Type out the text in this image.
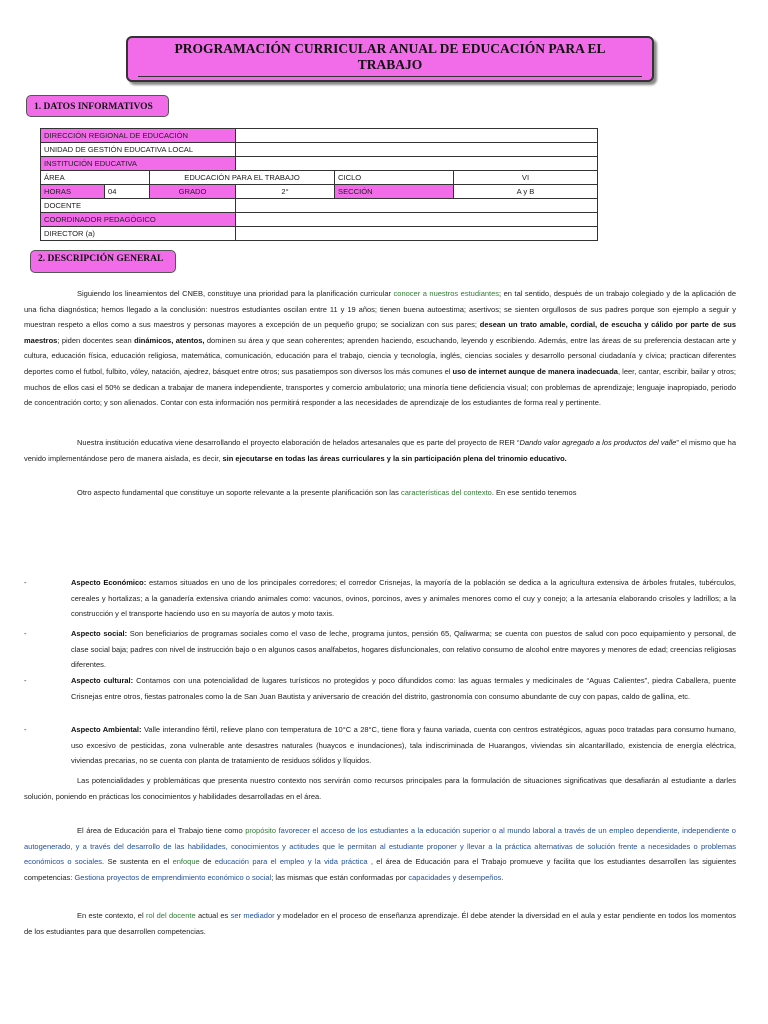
PROGRAMACIÓN CURRICULAR ANUAL DE EDUCACIÓN PARA EL
TRABAJO
1. DATOS INFORMATIVOS
DIRECCIÓN REGIONAL DE EDUCACIÓN					
UNIDAD DE GESTIÓN EDUCATIVA LOCAL					
INSTITUCIÓN EDUCATIVA					
ÁREA		EDUCACIÓN PARA EL TRABAJO		CICLO	VI
HORAS	04	GRADO	2°	SECCIÓN	A y B
DOCENTE					
COORDINADOR PEDAGÓGICO					
DIRECTOR (a)					
2. DESCRIPCIÓN GENERAL
Siguiendo los lineamientos del CNEB, constituye una prioridad para la planificación curricular conocer a nuestros estudiantes; en tal sentido, después de un trabajo colegiado y de la aplicación de una ficha diagnóstica; hemos llegado a la conclusión: nuestros estudiantes oscilan entre 11 y 19 años; tienen buena autoestima; asertivos; se sienten orgullosos de sus padres porque son ejemplo a seguir y muestran respeto a ellos como a sus maestros y personas mayores a excepción de un pequeño grupo; se socializan con sus pares; desean un trato amable, cordial, de escucha y cálido por parte de sus maestros; piden docentes sean dinámicos, atentos, dominen su área y que sean coherentes; aprenden haciendo, escuchando, leyendo y escribiendo. Además, entre las áreas de su preferencia destacan arte y cultura, educación física, educación religiosa, matemática, comunicación, educación para el trabajo, ciencia y tecnología, inglés, ciencias sociales y desarrollo personal ciudadanía y cívica; practican diferentes deportes como el futbol, fulbito, vóley, natación, ajedrez, básquet entre otros; sus pasatiempos son diversos los más comunes el uso de internet aunque de manera inadecuada, leer, cantar, escribir, bailar y otros; muchos de ellos casi el 50% se dedican a trabajar de manera independiente, transportes y comercio ambulatorio; una minoría tiene deficiencia visual; con problemas de aprendizaje; lenguaje inapropiado, periodo de concentración corto; y son alienados. Contar con esta información nos permitirá responder a las necesidades de aprendizaje de los estudiantes de forma real y pertinente.
Nuestra institución educativa viene desarrollando el proyecto elaboración de helados artesanales que es parte del proyecto de RER “Dando valor agregado a los productos del valle” el mismo que ha venido implementándose pero de manera aislada, es decir, sin ejecutarse en todas las áreas curriculares y la sin participación plena del trinomio educativo.
Otro aspecto fundamental que constituye un soporte relevante a la presente planificación son las características del contexto. En ese sentido tenemos
-	Aspecto Económico: estamos situados en uno de los principales corredores; el corredor Crisnejas, la mayoría de la población se dedica a la agricultura extensiva de árboles frutales, tubérculos, cereales y hortalizas; a la ganadería extensiva criando animales como: vacunos, ovinos, porcinos, aves y animales menores como el cuy y conejo; a la artesanía elaborando crisoles y ladrillos; a la construcción y el transporte haciendo uso en su mayoría de autos y moto taxis.
-	Aspecto social: Son beneficiarios de programas sociales como el vaso de leche, programa juntos, pensión 65, Qaliwarma; se cuenta con puestos de salud con poco equipamiento y personal, de clase social baja; padres con nivel de instrucción bajo o en algunos casos analfabetos, hogares disfuncionales, con relativo consumo de alcohol entre mayores y menores de edad; creencias religiosas diferentes.
-	Aspecto cultural: Contamos con una potencialidad de lugares turísticos no protegidos y poco difundidos como: las aguas termales y medicinales de “Aguas Calientes”, piedra Caballera, puente Crisnejas entre otros, fiestas patronales como la de San Juan Bautista y aniversario de creación del distrito, gastronomía con consumo abundante de cuy con papas, caldo de gallina, etc.
-	Aspecto Ambiental: Valle interandino fértil, relieve plano con temperatura de 10°C a 28°C, tiene flora y fauna variada, cuenta con centros estratégicos, aguas poco tratadas para consumo humano, uso excesivo de pesticidas, zona vulnerable ante desastres naturales (huaycos e inundaciones), tala indiscriminada de Huarangos, viviendas sin alcantarillado, existencia de energía eléctrica, viviendas precarias, no se cuenta con planta de tratamiento de residuos sólidos y líquidos.
Las potencialidades y problemáticas que presenta nuestro contexto nos servirán como recursos principales para la formulación de situaciones significativas que desafiarán al estudiante a darles solución, poniendo en prácticas los conocimientos y habilidades desarrolladas en el área.
El área de Educación para el Trabajo tiene como propósito favorecer el acceso de los estudiantes a la educación superior o al mundo laboral a través de un empleo dependiente, independiente o autogenerado, y a través del desarrollo de las habilidades, conocimientos y actitudes que le permitan al estudiante proponer y llevar a la práctica alternativas de solución frente a necesidades o problemas económicos o sociales. Se sustenta en el enfoque de educación para el empleo y la vida práctica , el área de Educación para el Trabajo promueve y facilita que los estudiantes desarrollen las siguientes competencias: Gestiona proyectos de emprendimiento económico o social; las mismas que están conformadas por capacidades y desempeños.
En este contexto, el rol del docente actual es ser mediador y modelador en el proceso de enseñanza aprendizaje. Él debe atender la diversidad en el aula y estar pendiente en todos los momentos de los estudiantes para que desarrollen competencias.
